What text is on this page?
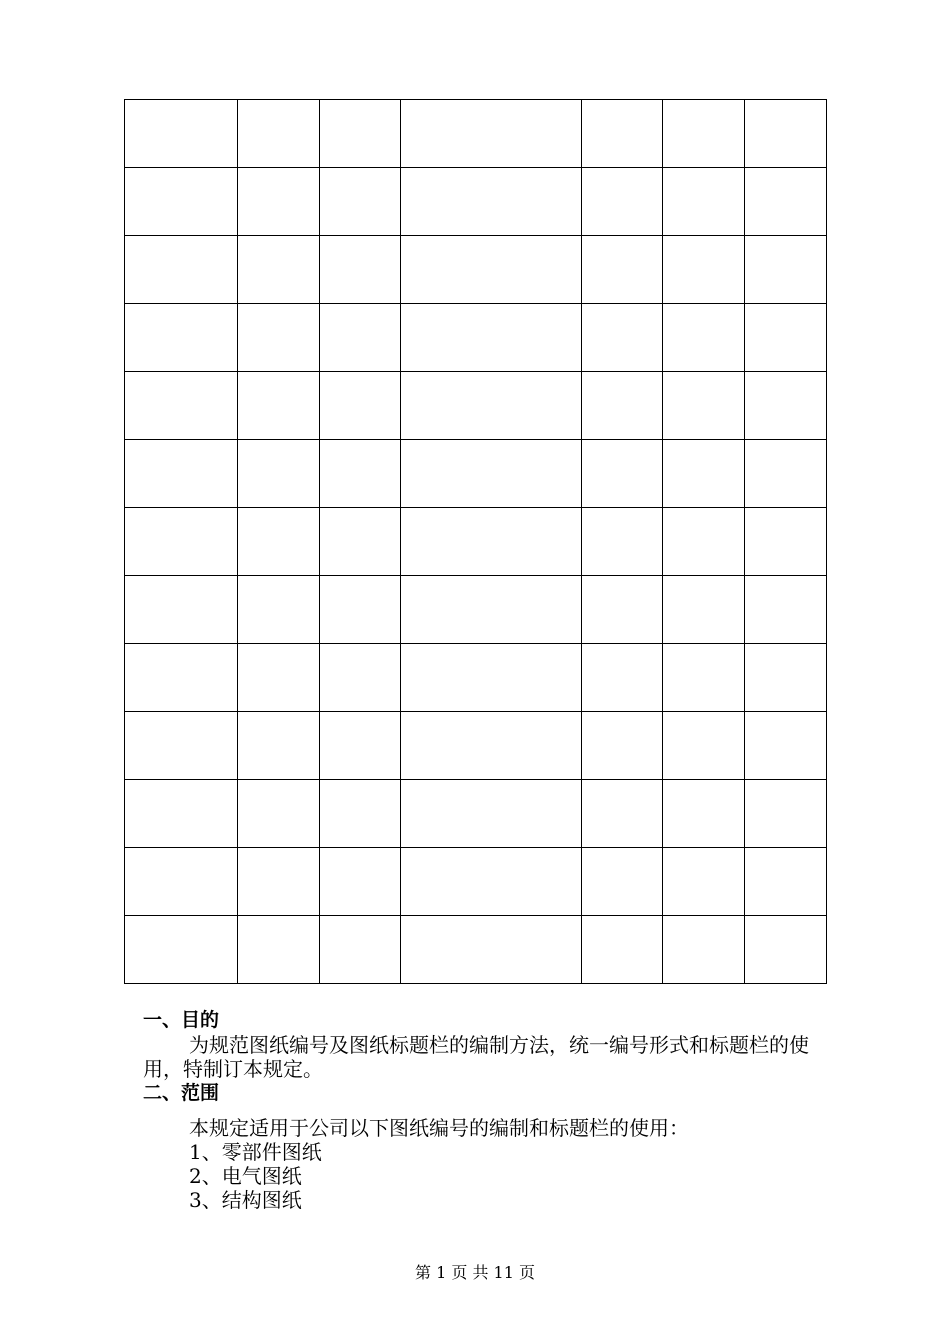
一、目的
为规范图纸编号及图纸标题栏的编制方法，统一编号形式和标题栏的使用，特制订本规定。
二、范围
本规定适用于公司以下图纸编号的编制和标题栏的使用：
1、零部件图纸
2、电气图纸
3、结构图纸
第 1 页 共 11 页
